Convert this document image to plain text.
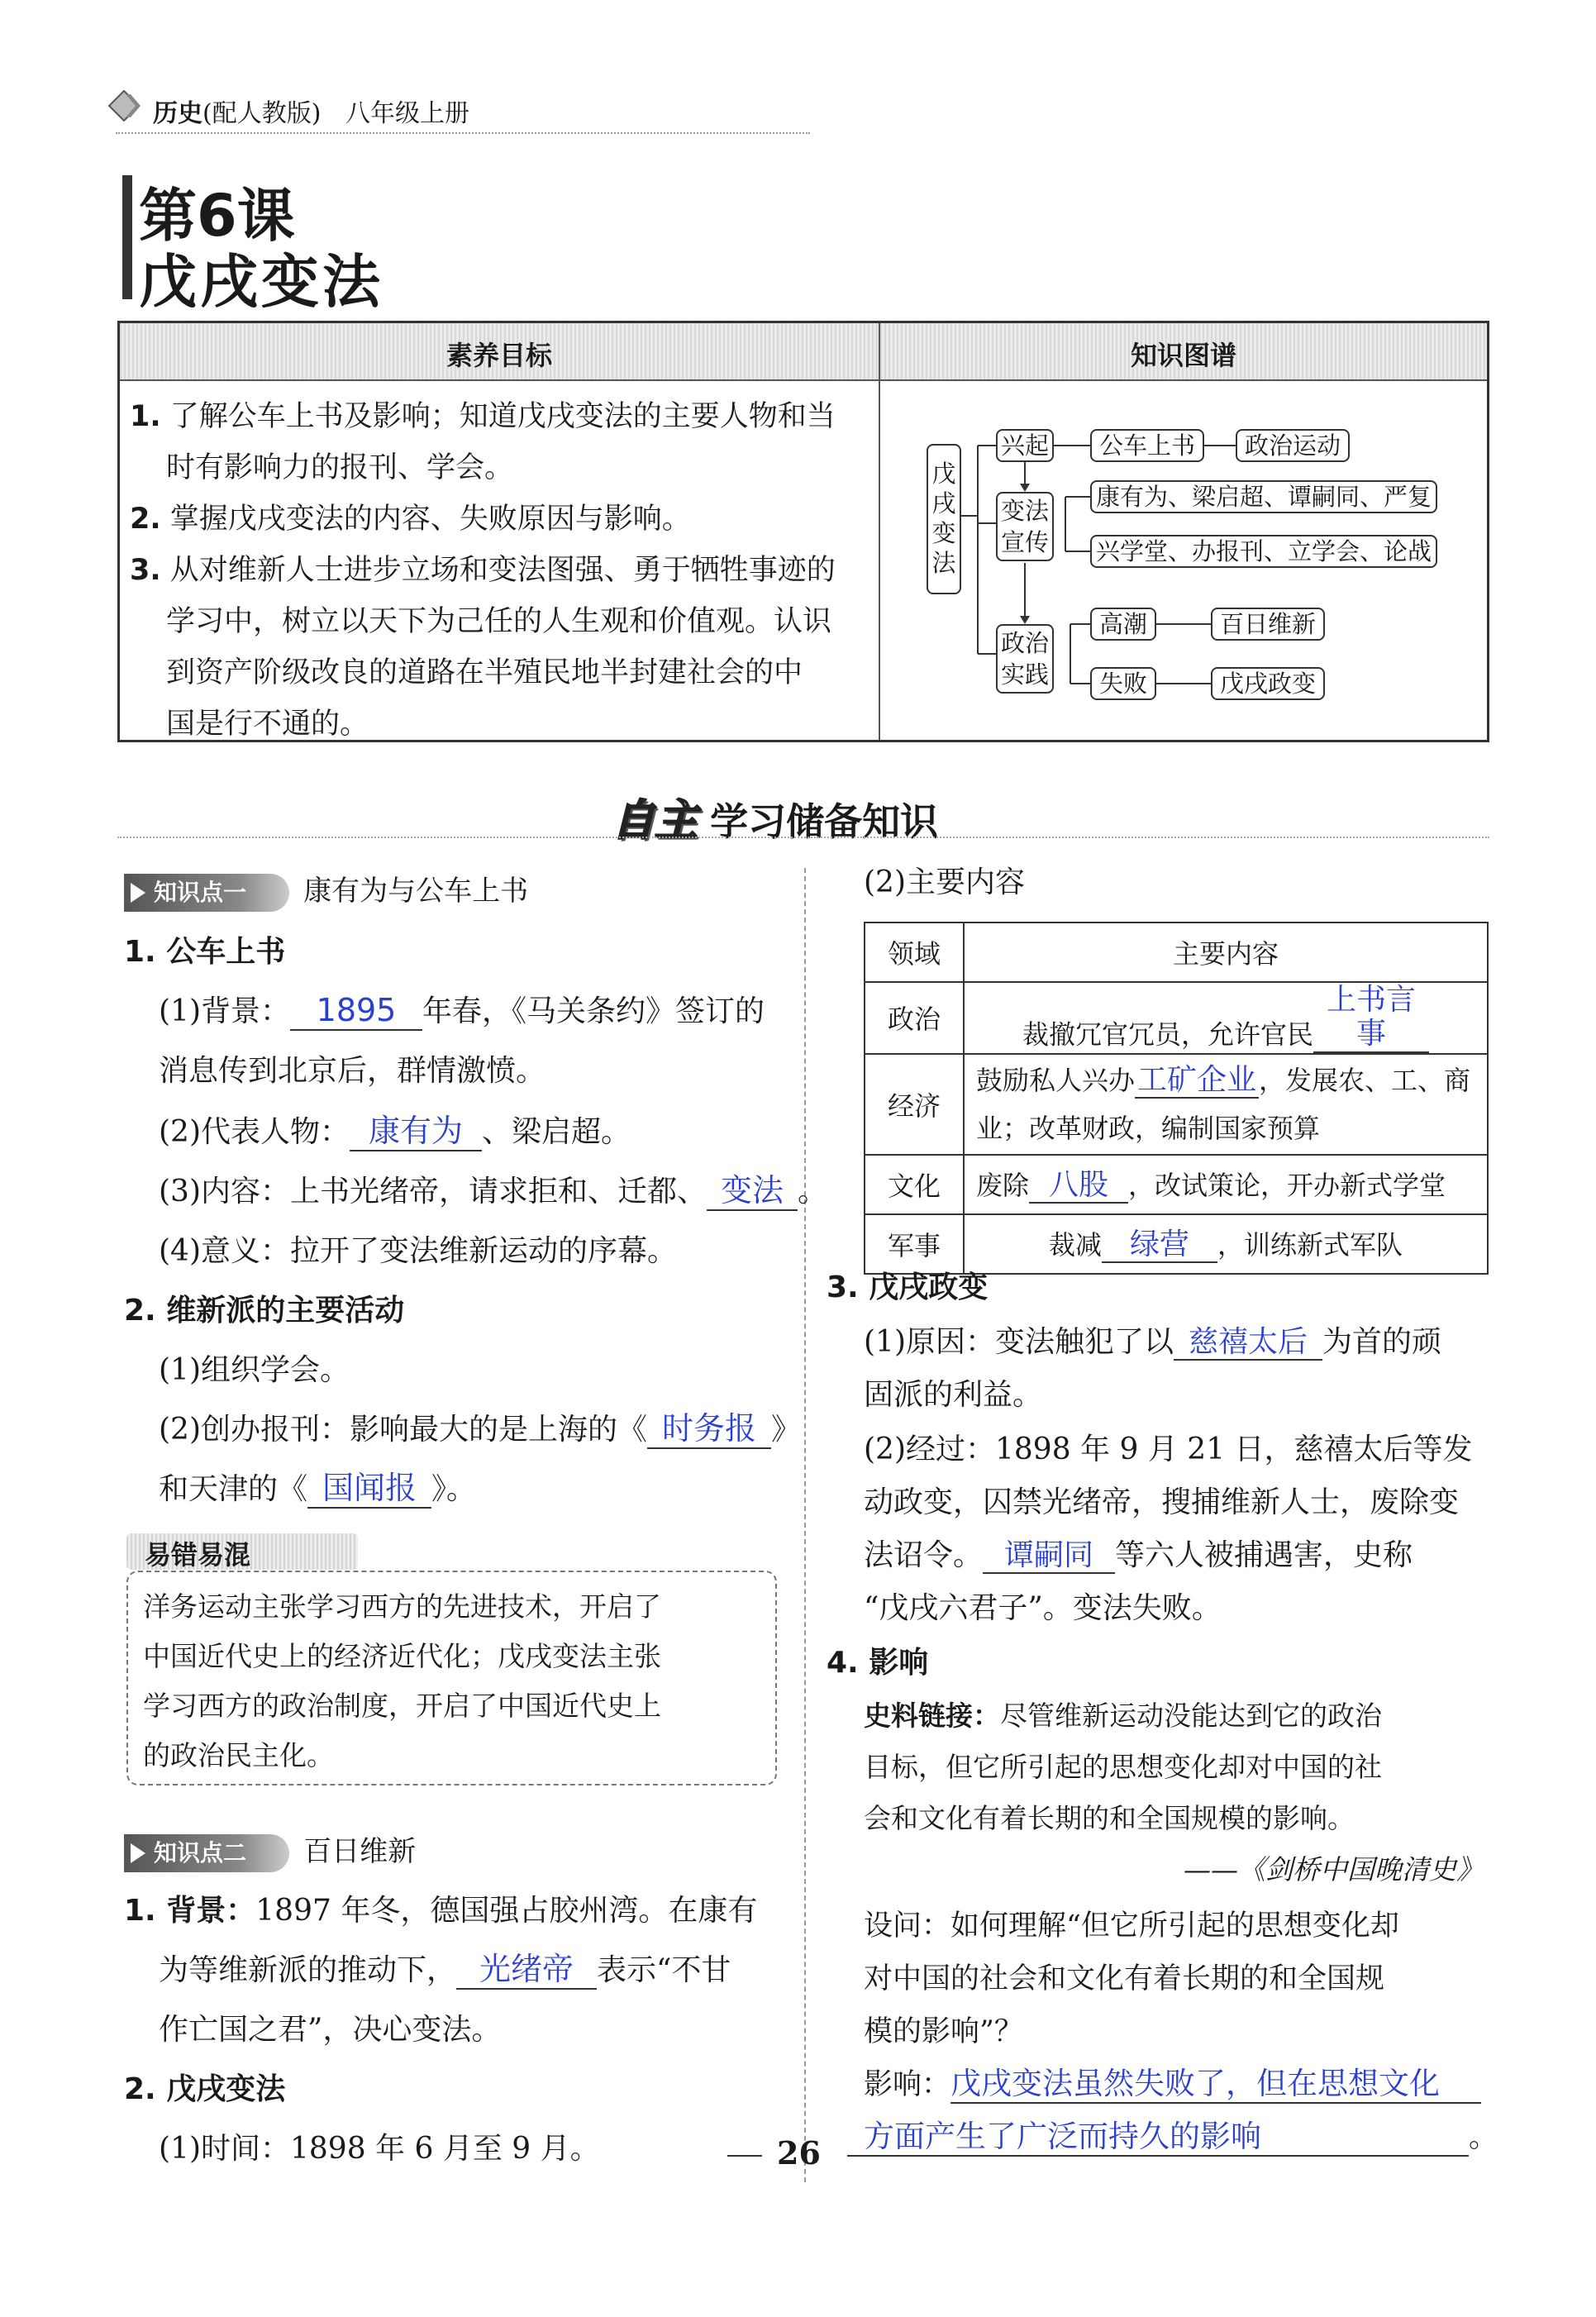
历史(配人教版) 八年级上册
第6课
戊戌变法
素养目标	知识图谱
1. 了解公车上书及影响；知道戊戌变法的主要人物和当
时有影响力的报刊、学会。
2. 掌握戊戌变法的内容、失败原因与影响。
3. 从对维新人士进步立场和变法图强、勇于牺牲事迹的
学习中，树立以天下为己任的人生观和价值观。认识
到资产阶级改良的道路在半殖民地半封建社会的中
国是行不通的。
戊戌变法
兴起	公车上书	政治运动
变法宣传
康有为、梁启超、谭嗣同、严复
兴学堂、办报刊、立学会、论战
政治实践
高潮	百日维新
失败	戊戌政变
自主 学习储备知识
知识点一 康有为与公车上书
1. 公车上书
(1)背景： 1895 年春，《马关条约》签订的
消息传到北京后，群情激愤。
(2)代表人物： 康有为 、梁启超。
(3)内容：上书光绪帝，请求拒和、迁都、 变法 。
(4)意义：拉开了变法维新运动的序幕。
2. 维新派的主要活动
(1)组织学会。
(2)创办报刊：影响最大的是上海的《 时务报 》
和天津的《 国闻报 》。
易错易混
洋务运动主张学习西方的先进技术，开启了
中国近代史上的经济近代化；戊戌变法主张
学习西方的政治制度，开启了中国近代史上
的政治民主化。
知识点二 百日维新
1. 背景：1897 年冬，德国强占胶州湾。在康有
为等维新派的推动下， 光绪帝 表示“不甘
作亡国之君”，决心变法。
2. 戊戌变法
(1)时间：1898 年 6 月至 9 月。
(2)主要内容
领域	主要内容
政治	裁撤冗官冗员，允许官民上书言事
经济	鼓励私人兴办工矿企业，发展农、工、商
业；改革财政，编制国家预算
文化	废除 八股 ，改试策论，开办新式学堂
军事	裁减 绿营 ，训练新式军队
3. 戊戌政变
(1)原因：变法触犯了以 慈禧太后 为首的顽
固派的利益。
(2)经过：1898 年 9 月 21 日，慈禧太后等发
动政变，囚禁光绪帝，搜捕维新人士，废除变
法诏令。 谭嗣同 等六人被捕遇害，史称
“戊戌六君子”。变法失败。
4. 影响
史料链接：尽管维新运动没能达到它的政治
目标，但它所引起的思想变化却对中国的社
会和文化有着长期的和全国规模的影响。
——《剑桥中国晚清史》
设问：如何理解“但它所引起的思想变化却
对中国的社会和文化有着长期的和全国规
模的影响”？
影响：戊戌变法虽然失败了，但在思想文化
方面产生了广泛而持久的影响	。
26
